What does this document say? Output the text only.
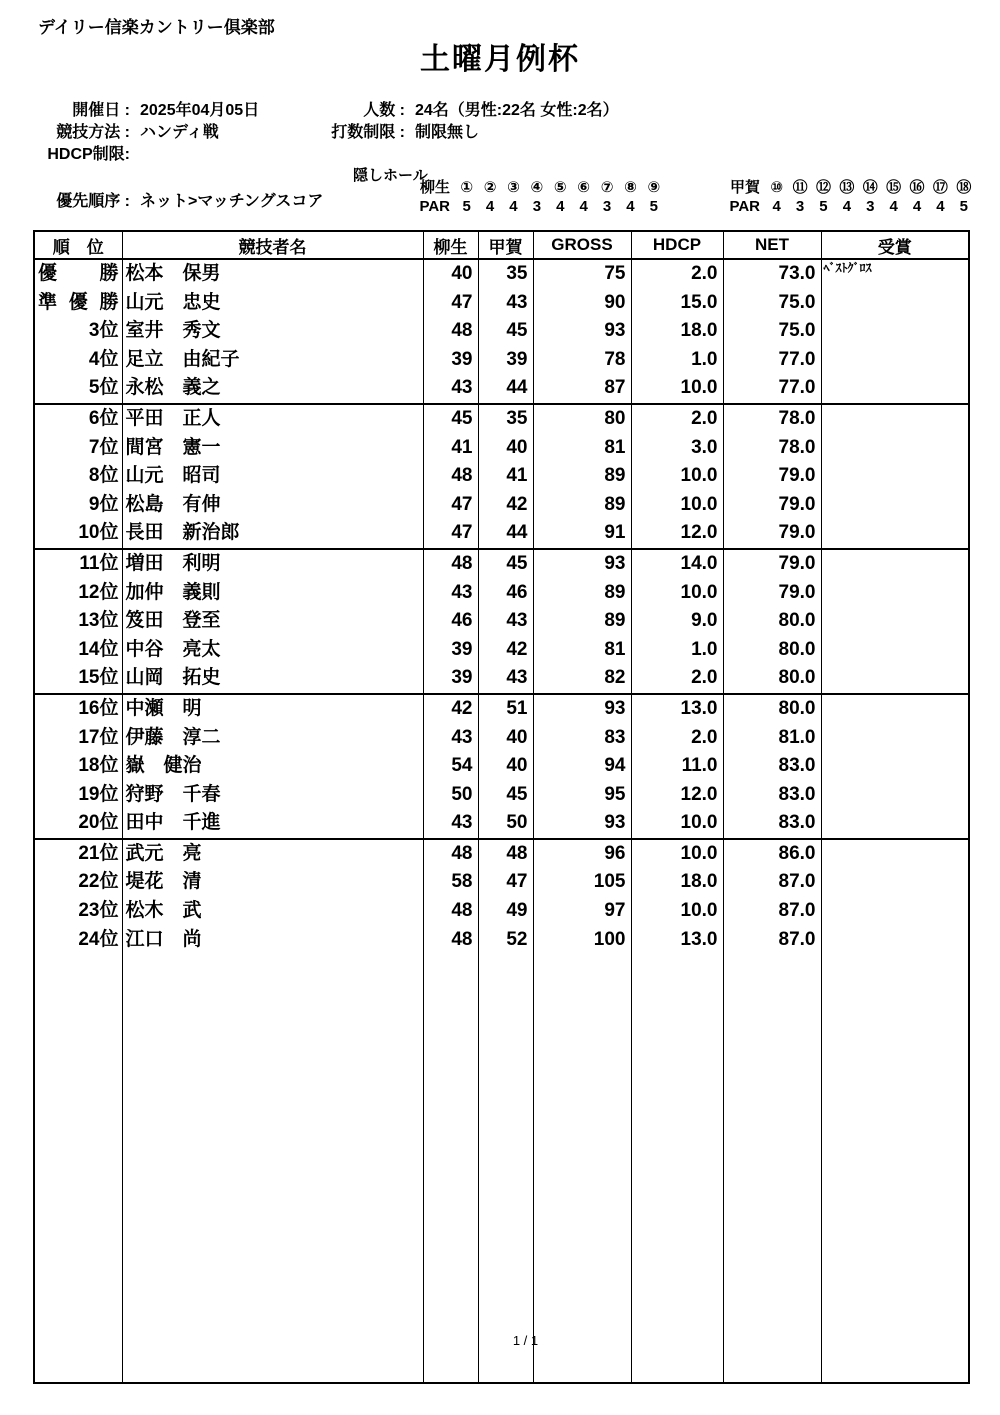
デイリー信楽カントリー倶楽部
土曜月例杯
開催日 : 2025年04月05日	人数 : 24名（男性:22名 女性:2名）
競技方法 : ハンディ戦	打数制限 : 制限無し
HDCP制限:
隠しホール
柳生 ① ② ③ ④ ⑤ ⑥ ⑦ ⑧ ⑨
PAR 5	4	4	3	4	4	3	4	5
甲賀 ⑩ ⑪ ⑫ ⑬ ⑭ ⑮ ⑯ ⑰ ⑱
PAR 4	3	5	4	3	4	4	4	5
優先順序 : ネット>マッチングスコア
順　位	競技者名	柳生	甲賀	GROSS	HDCP	NET	受賞
優　勝	松本　保男	40	35	75	2.0	73.0	ﾍﾞｽﾄｸﾞﾛｽ
準優勝	山元　忠史	47	43	90	15.0	75.0	
3位	室井　秀文	48	45	93	18.0	75.0	
4位	足立　由紀子	39	39	78	1.0	77.0	
5位	永松　義之	43	44	87	10.0	77.0	
6位	平田　正人	45	35	80	2.0	78.0	
7位	間宮　憲一	41	40	81	3.0	78.0	
8位	山元　昭司	48	41	89	10.0	79.0	
9位	松島　有伸	47	42	89	10.0	79.0	
10位	長田　新治郎	47	44	91	12.0	79.0	
11位	増田　利明	48	45	93	14.0	79.0	
12位	加仲　義則	43	46	89	10.0	79.0	
13位	笈田　登至	46	43	89	9.0	80.0	
14位	中谷　亮太	39	42	81	1.0	80.0	
15位	山岡　拓史	39	43	82	2.0	80.0	
16位	中瀬　明	42	51	93	13.0	80.0	
17位	伊藤　淳二	43	40	83	2.0	81.0	
18位	嶽　健治	54	40	94	11.0	83.0	
19位	狩野　千春	50	45	95	12.0	83.0	
20位	田中　千進	43	50	93	10.0	83.0	
21位	武元　亮	48	48	96	10.0	86.0	
22位	堤花　清	58	47	105	18.0	87.0	
23位	松木　武	48	49	97	10.0	87.0	
24位	江口　尚	48	52	100	13.0	87.0	

1 / 1
